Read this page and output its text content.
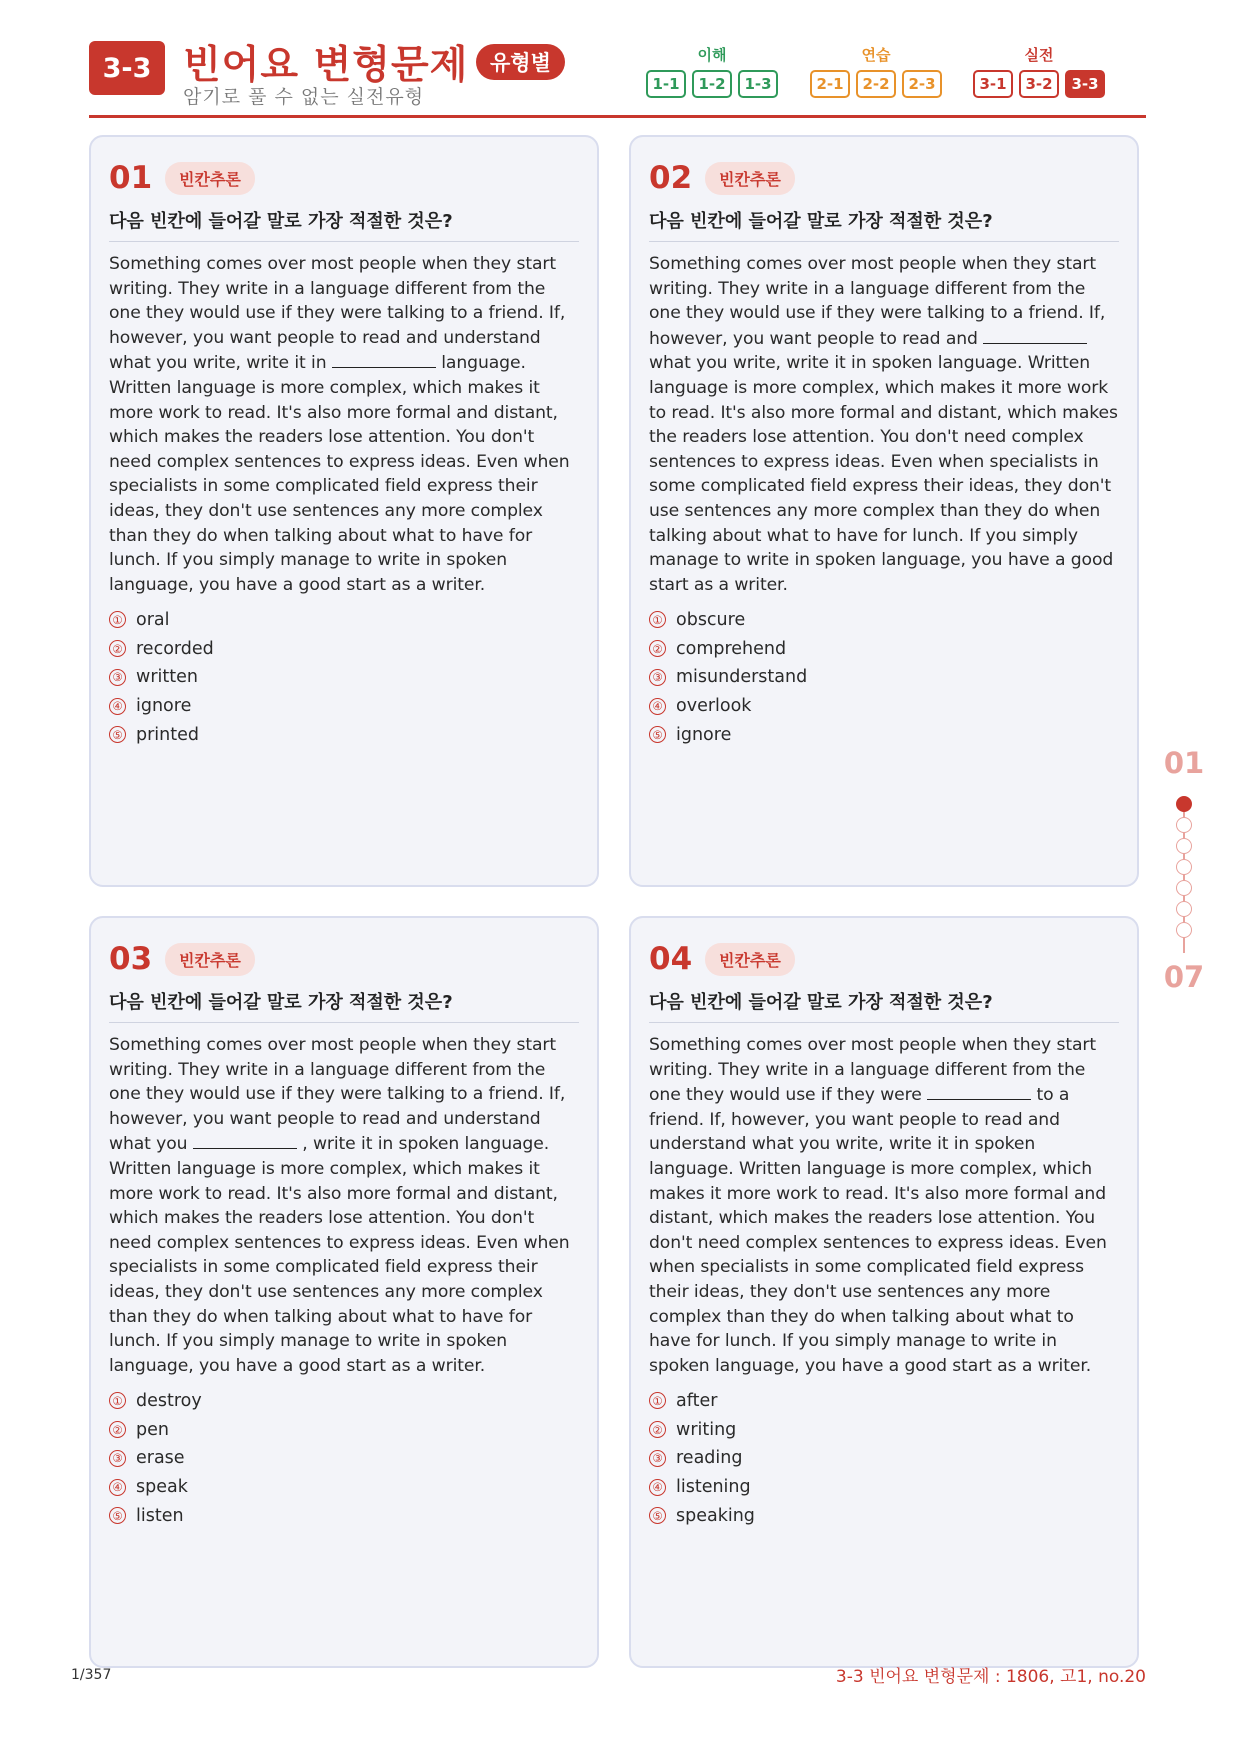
3-3 빈어요 변형문제	유형별
암기로 풀 수 없는 실전유형
이해
1-1	1-2	1-3
연습
2-1	2-2	2-3
실전
3-1	3-2	3-3
01	빈칸추론
다음 빈칸에 들어갈 말로 가장 적절한 것은?
Something comes over most people when they start writing. They write in a language different from the one they would use if they were talking to a friend. If, however, you want people to read and understand what you write, write it in	language. Written language is more complex, which makes it more work to read. It's also more formal and distant, which makes the readers lose attention. You don't need complex sentences to express ideas. Even when specialists in some complicated field express their ideas, they don't use sentences any more complex than they do when talking about what to have for lunch. If you simply manage to write in spoken language, you have a good start as a writer.
① oral
② recorded
③ written
④ ignore
⑤ printed
02	빈칸추론
다음 빈칸에 들어갈 말로 가장 적절한 것은?
Something comes over most people when they start writing. They write in a language different from the one they would use if they were talking to a friend. If, however, you want people to read and  what you write, write it in spoken language. Written language is more complex, which makes it more work to read. It's also more formal and distant, which makes the readers lose attention. You don't need complex sentences to express ideas. Even when specialists in some complicated field express their ideas, they don't use sentences any more complex than they do when talking about what to have for lunch. If you simply manage to write in spoken language, you have a good start as a writer.
① obscure
② comprehend
③ misunderstand
④ overlook
⑤ ignore
03	빈칸추론
다음 빈칸에 들어갈 말로 가장 적절한 것은?
Something comes over most people when they start writing. They write in a language different from the one they would use if they were talking to a friend. If, however, you want people to read and understand what you	, write it in spoken language. Written language is more complex, which makes it more work to read. It's also more formal and distant, which makes the readers lose attention. You don't need complex sentences to express ideas. Even when specialists in some complicated field express their ideas, they don't use sentences any more complex than they do when talking about what to have for lunch. If you simply manage to write in spoken language, you have a good start as a writer.
① destroy
② pen
③ erase
④ speak
⑤ listen
04	빈칸추론
다음 빈칸에 들어갈 말로 가장 적절한 것은?
Something comes over most people when they start writing. They write in a language different from the one they would use if they were	to a friend. If, however, you want people to read and understand what you write, write it in spoken language. Written language is more complex, which makes it more work to read. It's also more formal and distant, which makes the readers lose attention. You don't need complex sentences to express ideas. Even when specialists in some complicated field express their ideas, they don't use sentences any more complex than they do when talking about what to have for lunch. If you simply manage to write in spoken language, you have a good start as a writer.
① after
② writing
③ reading
④ listening
⑤ speaking
01
07
1/357	3-3 빈어요 변형문제 : 1806, 고1, no.20
